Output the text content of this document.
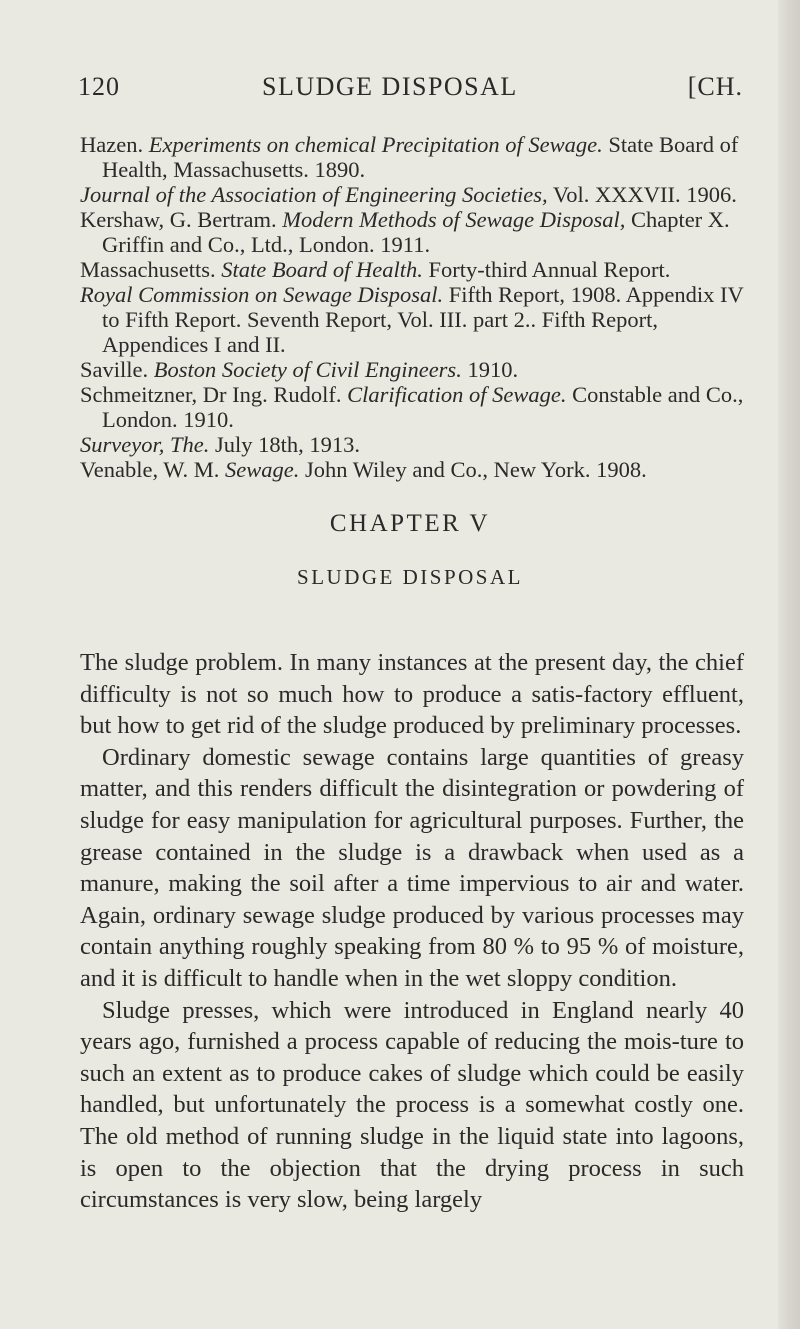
120	SLUDGE DISPOSAL	[CH.

Hazen. Experiments on chemical Precipitation of Sewage. State Board of Health, Massachusetts. 1890.

Journal of the Association of Engineering Societies, Vol. XXXVII. 1906.

Kershaw, G. Bertram. Modern Methods of Sewage Disposal, Chapter X. Griffin and Co., Ltd., London. 1911.

Massachusetts. State Board of Health. Forty-third Annual Report.

Royal Commission on Sewage Disposal. Fifth Report, 1908. Appendix IV to Fifth Report. Seventh Report, Vol. III. part 2.. Fifth Report, Appendices I and II.

Saville. Boston Society of Civil Engineers. 1910.

Schmeitzner, Dr Ing. Rudolf. Clarification of Sewage. Constable and Co., London. 1910.

Surveyor, The. July 18th, 1913.

Venable, W. M. Sewage. John Wiley and Co., New York. 1908.

CHAPTER V
SLUDGE DISPOSAL

The sludge problem. In many instances at the present day, the chief difficulty is not so much how to produce a satis-factory effluent, but how to get rid of the sludge produced by preliminary processes.

Ordinary domestic sewage contains large quantities of greasy matter, and this renders difficult the disintegration or powdering of sludge for easy manipulation for agricultural purposes. Further, the grease contained in the sludge is a drawback when used as a manure, making the soil after a time impervious to air and water. Again, ordinary sewage sludge produced by various processes may contain anything roughly speaking from 80 % to 95 % of moisture, and it is difficult to handle when in the wet sloppy condition.

Sludge presses, which were introduced in England nearly 40 years ago, furnished a process capable of reducing the mois-ture to such an extent as to produce cakes of sludge which could be easily handled, but unfortunately the process is a somewhat costly one. The old method of running sludge in the liquid state into lagoons, is open to the objection that the drying process in such circumstances is very slow, being largely
